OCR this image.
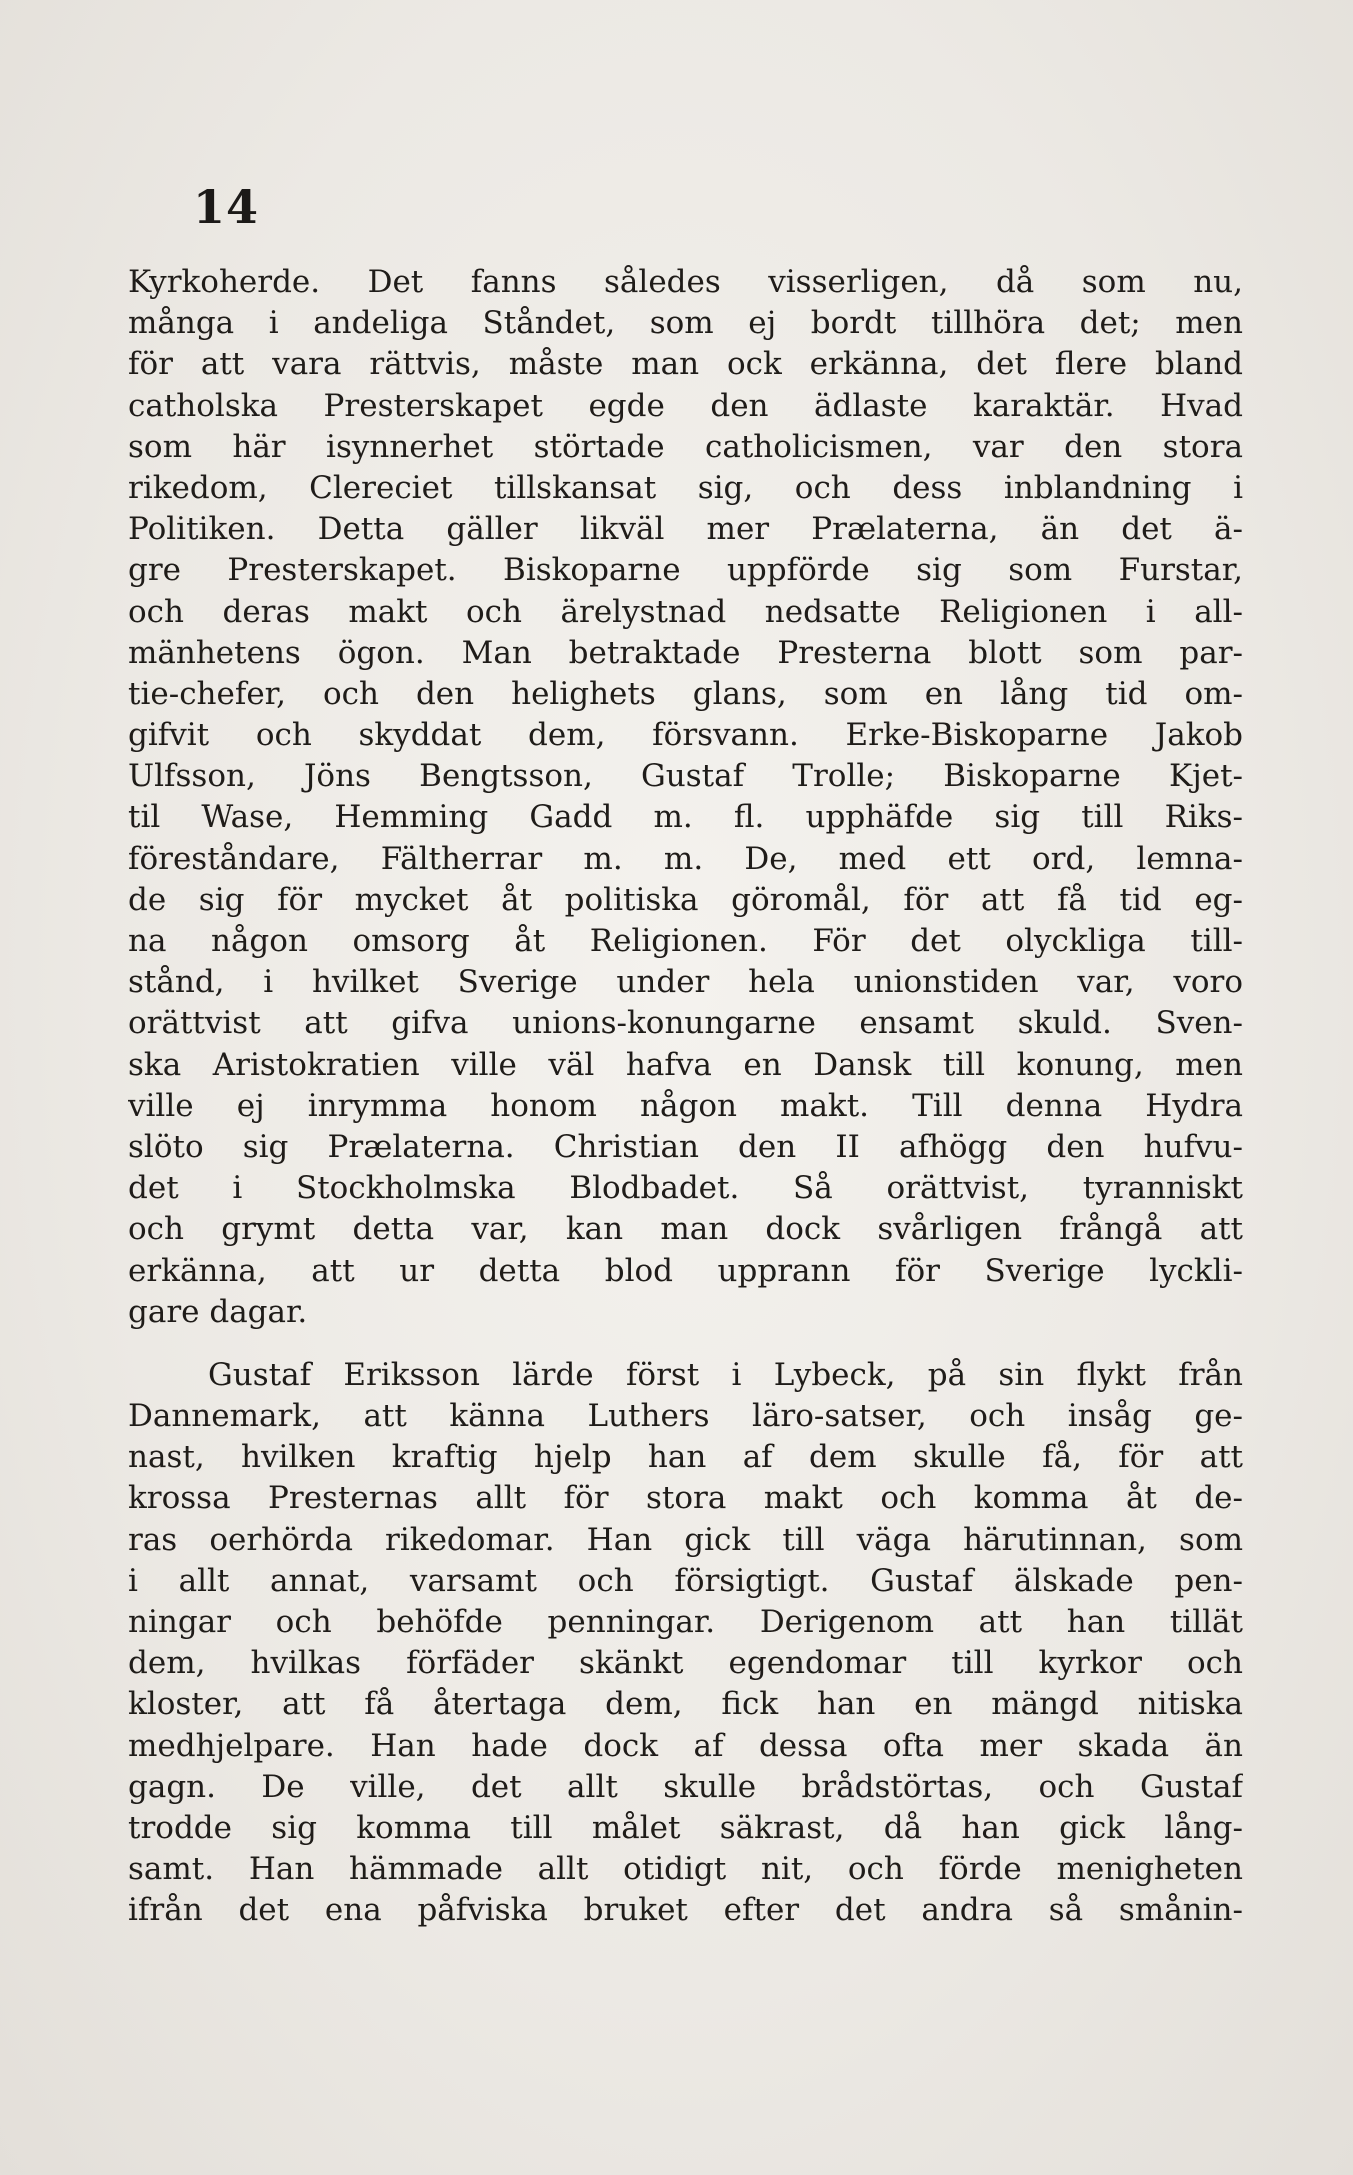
14
Kyrkoherde. Det fanns således visserligen, då som nu,
många i andeliga Ståndet, som ej bordt tillhöra det; men
för att vara rättvis, måste man ock erkänna, det flere bland
catholska Presterskapet egde den ädlaste karaktär. Hvad
som här isynnerhet störtade catholicismen, var den stora
rikedom, Clereciet tillskansat sig, och dess inblandning i
Politiken. Detta gäller likväl mer Prælaterna, än det ä-
gre Presterskapet. Biskoparne uppförde sig som Furstar,
och deras makt och ärelystnad nedsatte Religionen i all-
mänhetens ögon. Man betraktade Presterna blott som par-
tie-chefer, och den helighets glans, som en lång tid om-
gifvit och skyddat dem, försvann. Erke-Biskoparne Jakob
Ulfsson, Jöns Bengtsson, Gustaf Trolle; Biskoparne Kjet-
til Wase, Hemming Gadd m. fl. upphäfde sig till Riks-
föreståndare, Fältherrar m. m. De, med ett ord, lemna-
de sig för mycket åt politiska göromål, för att få tid eg-
na någon omsorg åt Religionen. För det olyckliga till-
stånd, i hvilket Sverige under hela unionstiden var, voro
orättvist att gifva unions-konungarne ensamt skuld. Sven-
ska Aristokratien ville väl hafva en Dansk till konung, men
ville ej inrymma honom någon makt. Till denna Hydra
slöto sig Prælaterna. Christian den II afhögg den hufvu-
det i Stockholmska Blodbadet. Så orättvist, tyranniskt
och grymt detta var, kan man dock svårligen frångå att
erkänna, att ur detta blod upprann för Sverige lyckli-
gare dagar.
Gustaf Eriksson lärde först i Lybeck, på sin flykt från
Dannemark, att känna Luthers läro-satser, och insåg ge-
nast, hvilken kraftig hjelp han af dem skulle få, för att
krossa Presternas allt för stora makt och komma åt de-
ras oerhörda rikedomar. Han gick till väga härutinnan, som
i allt annat, varsamt och försigtigt. Gustaf älskade pen-
ningar och behöfde penningar. Derigenom att han tillät
dem, hvilkas förfäder skänkt egendomar till kyrkor och
kloster, att få återtaga dem, fick han en mängd nitiska
medhjelpare. Han hade dock af dessa ofta mer skada än
gagn. De ville, det allt skulle brådstörtas, och Gustaf
trodde sig komma till målet säkrast, då han gick lång-
samt. Han hämmade allt otidigt nit, och förde menigheten
ifrån det ena påfviska bruket efter det andra så smånin-
